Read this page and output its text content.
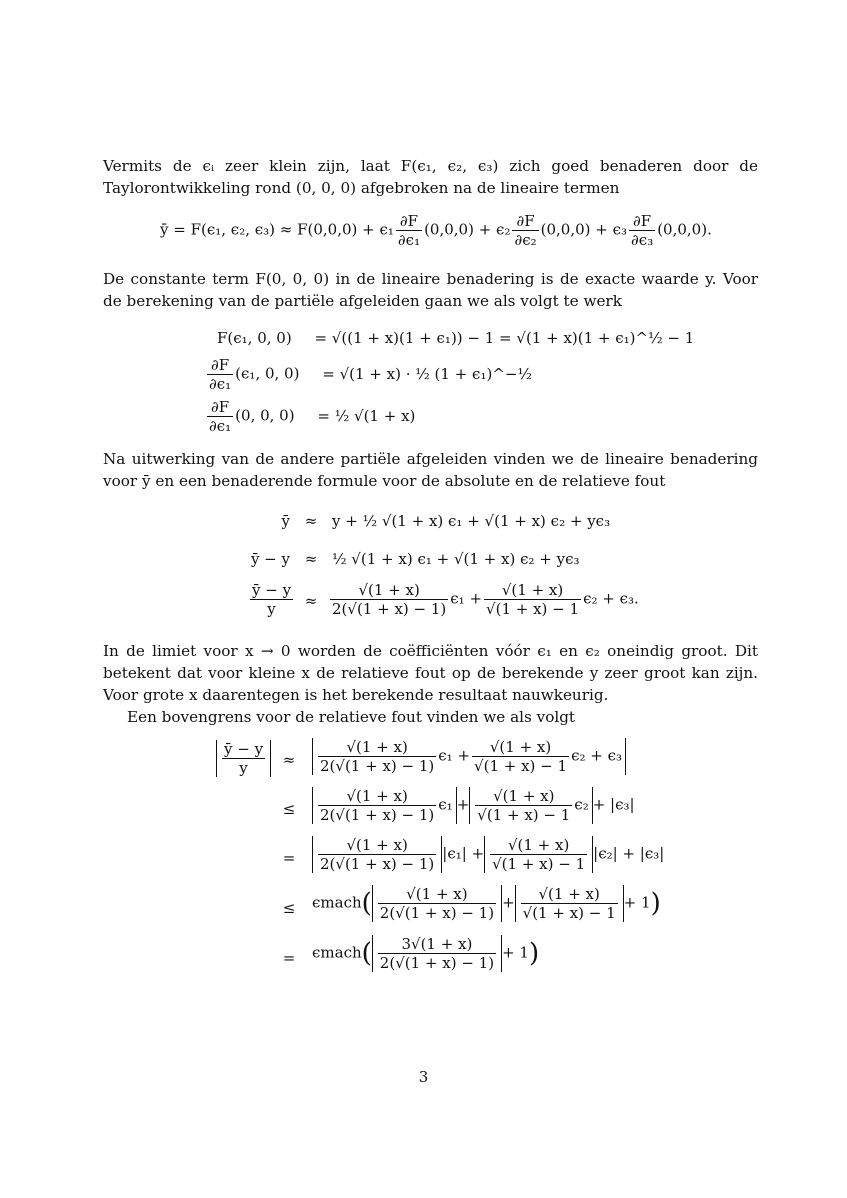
Vermits de ϵᵢ zeer klein zijn, laat F(ϵ₁, ϵ₂, ϵ₃) zich goed benaderen door de Taylorontwikkeling rond (0, 0, 0) afgebroken na de lineaire termen
ȳ = F(ϵ₁, ϵ₂, $\epsilon_3) \approx F(0,0,0) + \epsilon_1 \frac{\partial F}{\text{∂ϵ₁}} (0,0,0) + \epsilon_2 \frac{\partial F}{\text{∂ϵ₂}} (0,0,0) + \epsilon_3 \frac{\partial F}{\text{∂ϵ₃}} (0,0,0)$.
De constante term F(0, 0, 0) in de lineaire benadering is de exacte waarde y. Voor de berekening van de partiële afgeleiden gaan we als volgt te werk
F(ϵ₁, 0, 0) = √((1 + x)(1 + ϵ₁)) − 1 = √(1 + x)(1 + ϵ₁)^½ − 1
$\frac{\partial F}{\text{∂ϵ₁}} (\epsilon_1$, 0, 0) = √(1 + x) · ½ (1 + ϵ₁)^−½
$\frac{\partial F}{\text{∂ϵ₁}} (0$, 0, 0) = ½ √(1 + x)
Na uitwerking van de andere partiële afgeleiden vinden we de lineaire benadering voor ȳ en een benaderende formule voor de absolute en de relatieve fout
ȳ ≈ y + ½ √(1 + x) ϵ₁ + √(1 + x) ϵ₂ + yϵ₃
ȳ − y ≈ ½ √(1 + x) ϵ₁ + √(1 + x) ϵ₂ + yϵ₃
$\frac{ȳ - y}{y} \approx \frac{√(1 + x)}{2(√(1 + x) - 1)} \epsilon_1 + \frac{√(1 + x)}{√(1 + x) - 1} \epsilon_2 + \epsilon_3$.
In de limiet voor x → 0 worden de coëfficiënten vóór ϵ₁ en ϵ₂ oneindig groot. Dit betekent dat voor kleine x de relatieve fout op de berekende y zeer groot kan zijn. Voor grote x daarentegen is het berekende resultaat nauwkeurig.
Een bovengrens voor de relatieve fout vinden we als volgt
$\frac{ȳ - y}{y}$	≈	$\frac{√(1 + x)}{2(√(1 + x) - 1)} \epsilon_1 + \frac{√(1 + x)}{√(1 + x) - 1} \epsilon_2 + \epsilon_3$
≤	$\frac{√(1 + x)}{2(√(1 + x) - 1)} \epsilon_1 + \frac{√(1 + x)}{√(1 + x) - 1} \epsilon_2 + |\epsilon_3|$
=	$\frac{√(1 + x)}{2(√(1 + x) - 1)} |\epsilon_1| + \frac{√(1 + x)}{√(1 + x) - 1} |\epsilon_2| + |\epsilon_3|$
≤	ϵmach( $\frac{√(1 + x)}{2(√(1 + x) - 1)} + \frac{√(1 + x)}{√(1 + x) - 1} + 1$)
=	ϵmach( $\frac{3√(1 + x)}{2(√(1 + x) - 1)} + 1$)
3
